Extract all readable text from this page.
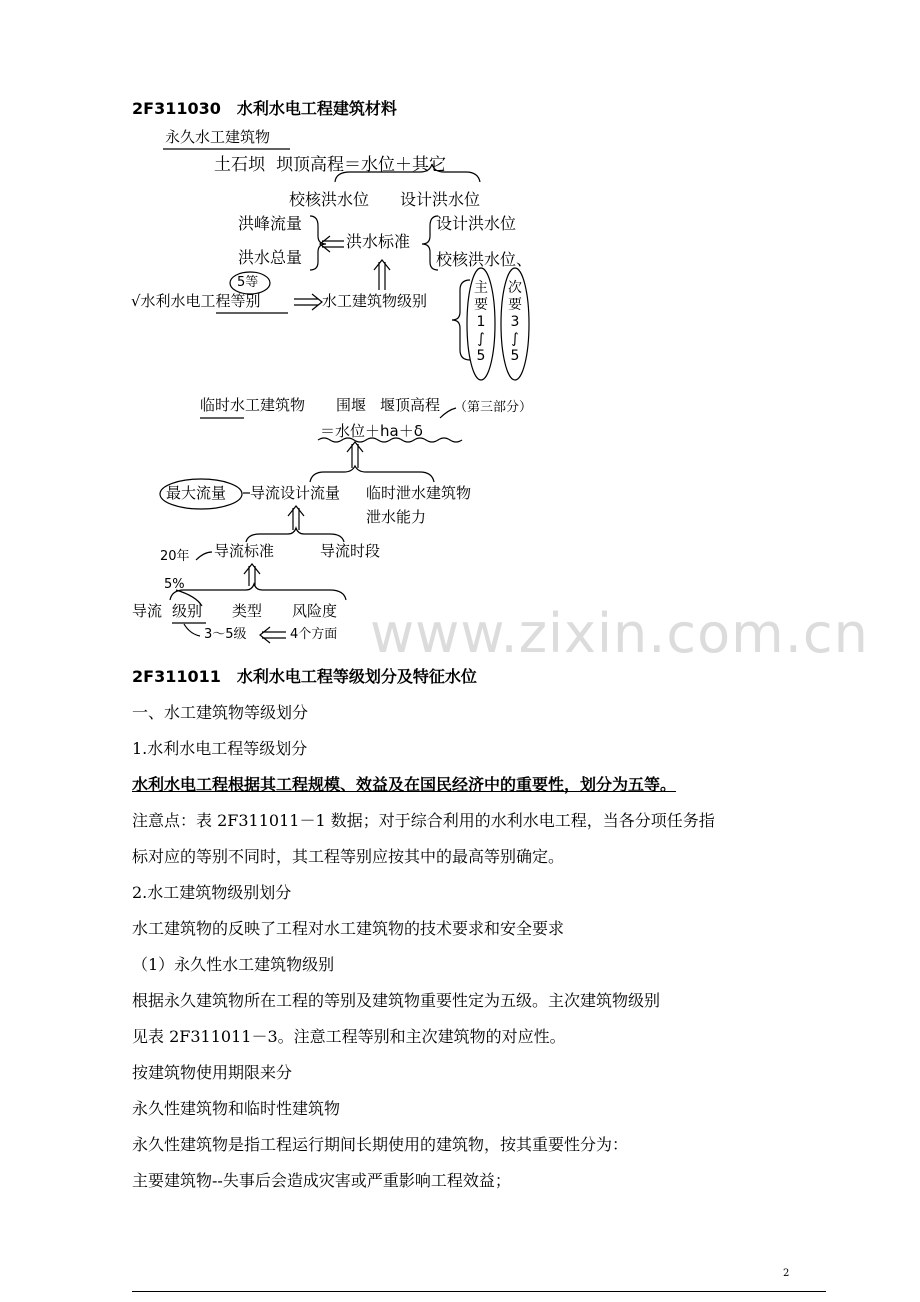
2F311030　水利水电工程建筑材料
永久水工建筑物
土石坝 坝顶高程＝水位＋其它
校核洪水位 设计洪水位
洪峰流量	设计洪水位
洪水标准
洪水总量	校核洪水位、
5等
√水利水电工程等别	水工建筑物级别
主
要
1
∫
5
次
要
3
∫
5
临时水工建筑物 围堰 堰顶高程 （第三部分）
＝水位＋ha＋δ
最大流量 导流设计流量 临时泄水建筑物
泄水能力
导流标准	导流时段
20年
5%
导流 级别 类型 风险度
3～5级	4个方面 www.zixin.com.cn
2F311011　水利水电工程等级划分及特征水位
一、水工建筑物等级划分
1.水利水电工程等级划分
水利水电工程根据其工程规模、效益及在国民经济中的重要性，划分为五等。
注意点：表 2F311011－1 数据；对于综合利用的水利水电工程，当各分项任务指
标对应的等别不同时，其工程等别应按其中的最高等别确定。
2.水工建筑物级别划分
水工建筑物的反映了工程对水工建筑物的技术要求和安全要求
（1）永久性水工建筑物级别
根据永久建筑物所在工程的等别及建筑物重要性定为五级。主次建筑物级别
见表 2F311011－3。注意工程等别和主次建筑物的对应性。
按建筑物使用期限来分
永久性建筑物和临时性建筑物
永久性建筑物是指工程运行期间长期使用的建筑物，按其重要性分为：
主要建筑物--失事后会造成灾害或严重影响工程效益；
2
